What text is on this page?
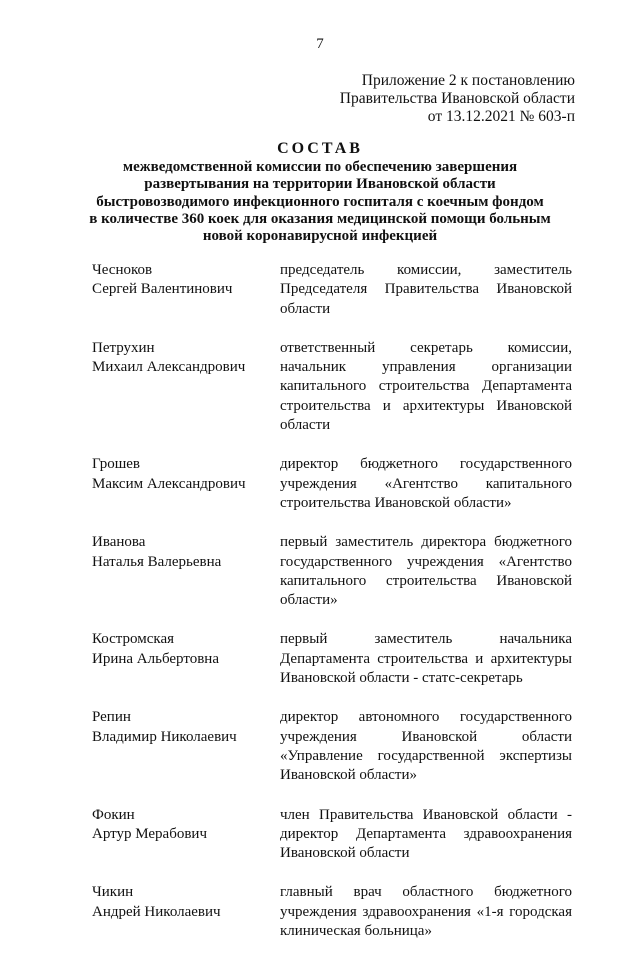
7
Приложение 2 к постановлению
Правительства Ивановской области
от 13.12.2021 № 603-п
СОСТАВ
межведомственной комиссии по обеспечению завершения
развертывания на территории Ивановской области
быстровозводимого инфекционного госпиталя с коечным фондом
в количестве 360 коек для оказания медицинской помощи больным
новой коронавирусной инфекцией
Чесноков
Сергей Валентинович
председатель комиссии, заместитель Председателя Правительства Ивановской области
Петрухин
Михаил Александрович
ответственный секретарь комиссии, начальник управления организации капитального строительства Департамента строительства и архитектуры Ивановской области
Грошев
Максим Александрович
директор бюджетного государственного учреждения «Агентство капитального строительства Ивановской области»
Иванова
Наталья Валерьевна
первый заместитель директора бюджетного государственного учреждения «Агентство капитального строительства Ивановской области»
Костромская
Ирина Альбертовна
первый заместитель начальника Департамента строительства и архитектуры Ивановской области - статс-секретарь
Репин
Владимир Николаевич
директор автономного государственного учреждения Ивановской области «Управление государственной экспертизы Ивановской области»
Фокин
Артур Мерабович
член Правительства Ивановской области - директор Департамента здравоохранения Ивановской области
Чикин
Андрей Николаевич
главный врач областного бюджетного учреждения здравоохранения «1-я городская клиническая больница»
